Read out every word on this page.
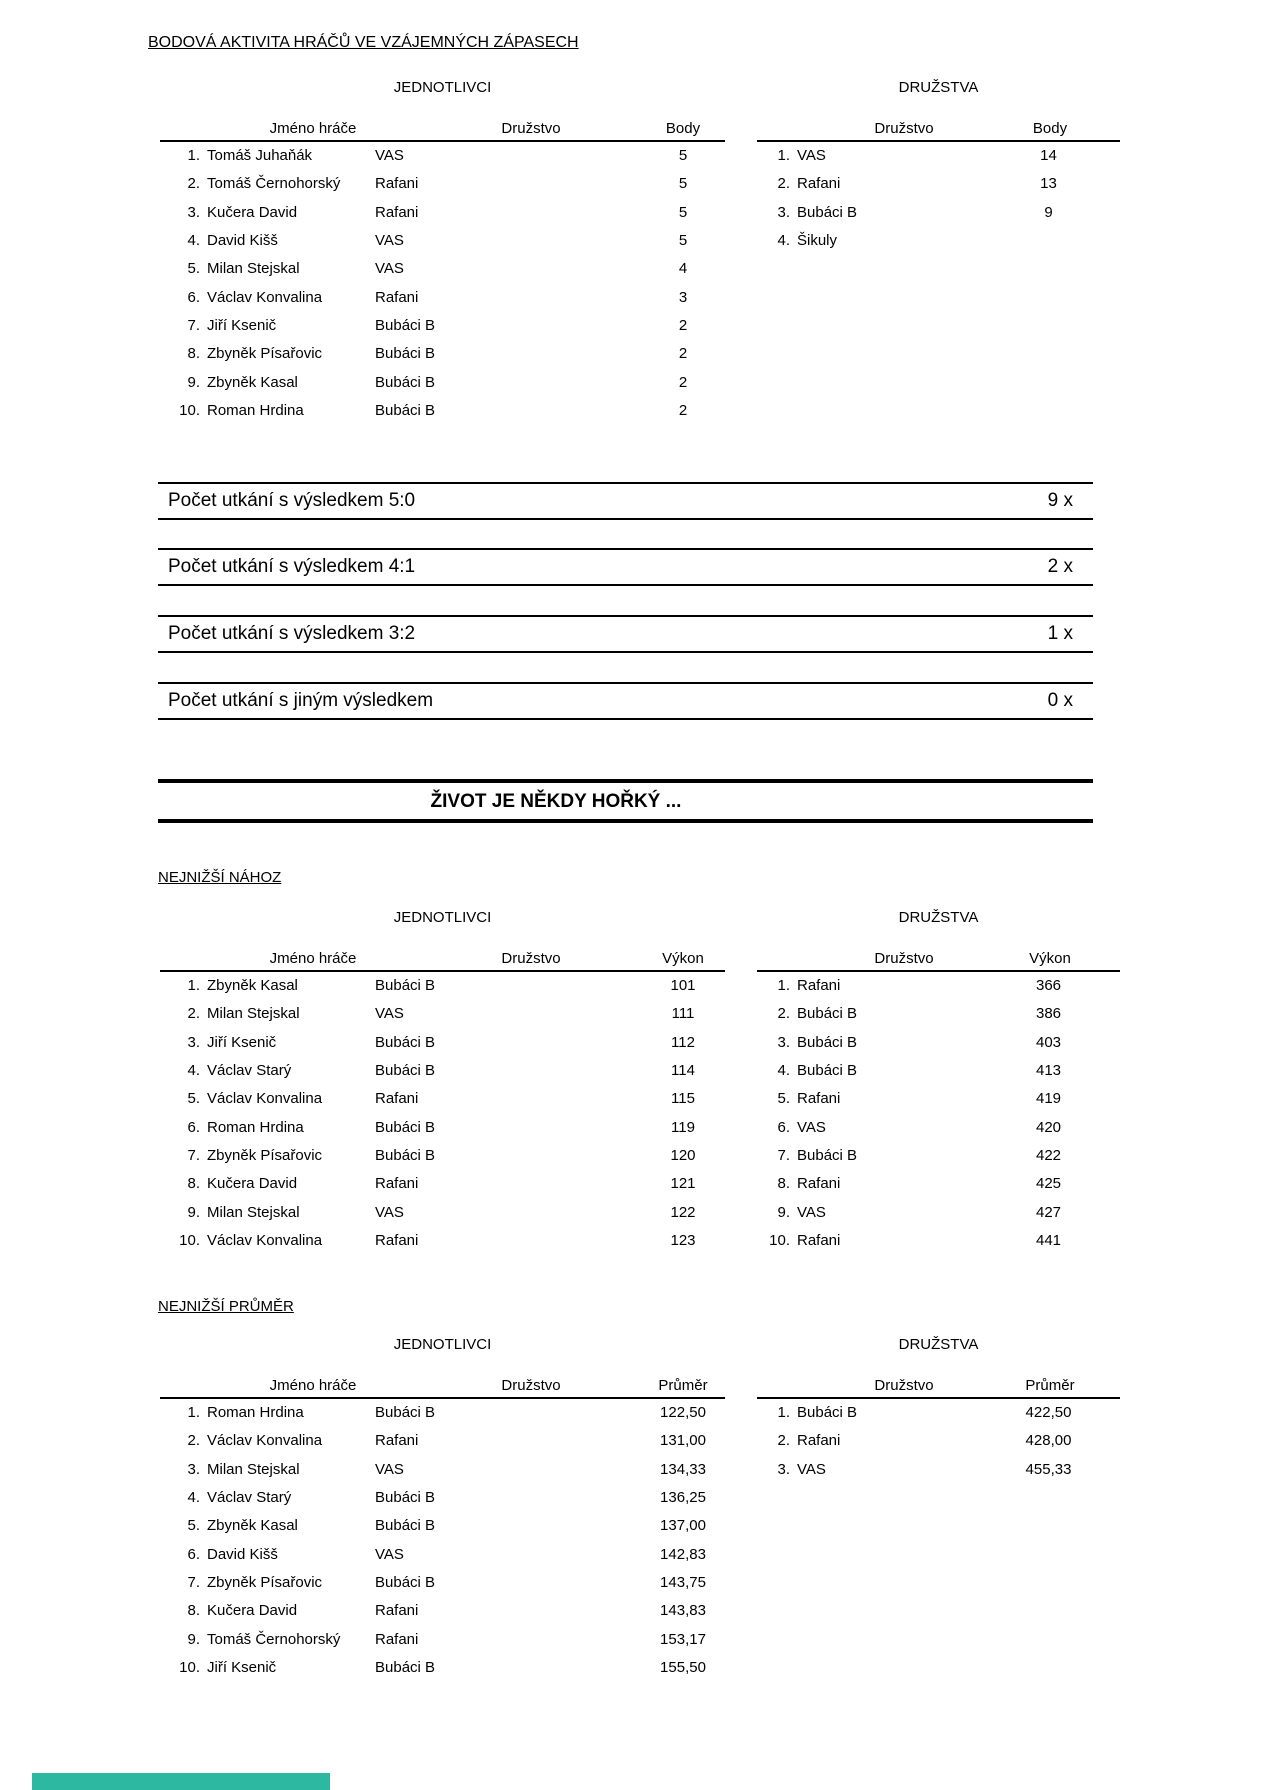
BODOVÁ AKTIVITA HRÁČŮ VE VZÁJEMNÝCH ZÁPASECH
JEDNOTLIVCI
Jméno hráče	Družstvo	Body
1. Tomáš Juhaňák	VAS	5
2. Tomáš Černohorský	Rafani	5
3. Kučera David	Rafani	5
4. David Kišš	VAS	5
5. Milan Stejskal	VAS	4
6. Václav Konvalina	Rafani	3
7. Jiří Ksenič	Bubáci B	2
8. Zbyněk Písařovic	Bubáci B	2
9. Zbyněk Kasal	Bubáci B	2
10. Roman Hrdina	Bubáci B	2
DRUŽSTVA
Družstvo	Body
1. VAS	14
2. Rafani	13
3. Bubáci B	9
4. Šikuly
Počet utkání s výsledkem 5:0	9 x
Počet utkání s výsledkem 4:1	2 x
Počet utkání s výsledkem 3:2	1 x
Počet utkání s jiným výsledkem	0 x
ŽIVOT JE NĚKDY HOŘKÝ ...
NEJNIŽŠÍ NÁHOZ
JEDNOTLIVCI
Jméno hráče	Družstvo	Výkon
1. Zbyněk Kasal	Bubáci B	101
2. Milan Stejskal	VAS	111
3. Jiří Ksenič	Bubáci B	112
4. Václav Starý	Bubáci B	114
5. Václav Konvalina	Rafani	115
6. Roman Hrdina	Bubáci B	119
7. Zbyněk Písařovic	Bubáci B	120
8. Kučera David	Rafani	121
9. Milan Stejskal	VAS	122
10. Václav Konvalina	Rafani	123
DRUŽSTVA
Družstvo	Výkon
1. Rafani	366
2. Bubáci B	386
3. Bubáci B	403
4. Bubáci B	413
5. Rafani	419
6. VAS	420
7. Bubáci B	422
8. Rafani	425
9. VAS	427
10. Rafani	441
NEJNIŽŠÍ PRŮMĚR
JEDNOTLIVCI
Jméno hráče	Družstvo	Průměr
1. Roman Hrdina	Bubáci B	122,50
2. Václav Konvalina	Rafani	131,00
3. Milan Stejskal	VAS	134,33
4. Václav Starý	Bubáci B	136,25
5. Zbyněk Kasal	Bubáci B	137,00
6. David Kišš	VAS	142,83
7. Zbyněk Písařovic	Bubáci B	143,75
8. Kučera David	Rafani	143,83
9. Tomáš Černohorský	Rafani	153,17
10. Jiří Ksenič	Bubáci B	155,50
DRUŽSTVA
Družstvo	Průměr
1. Bubáci B	422,50
2. Rafani	428,00
3. VAS	455,33
